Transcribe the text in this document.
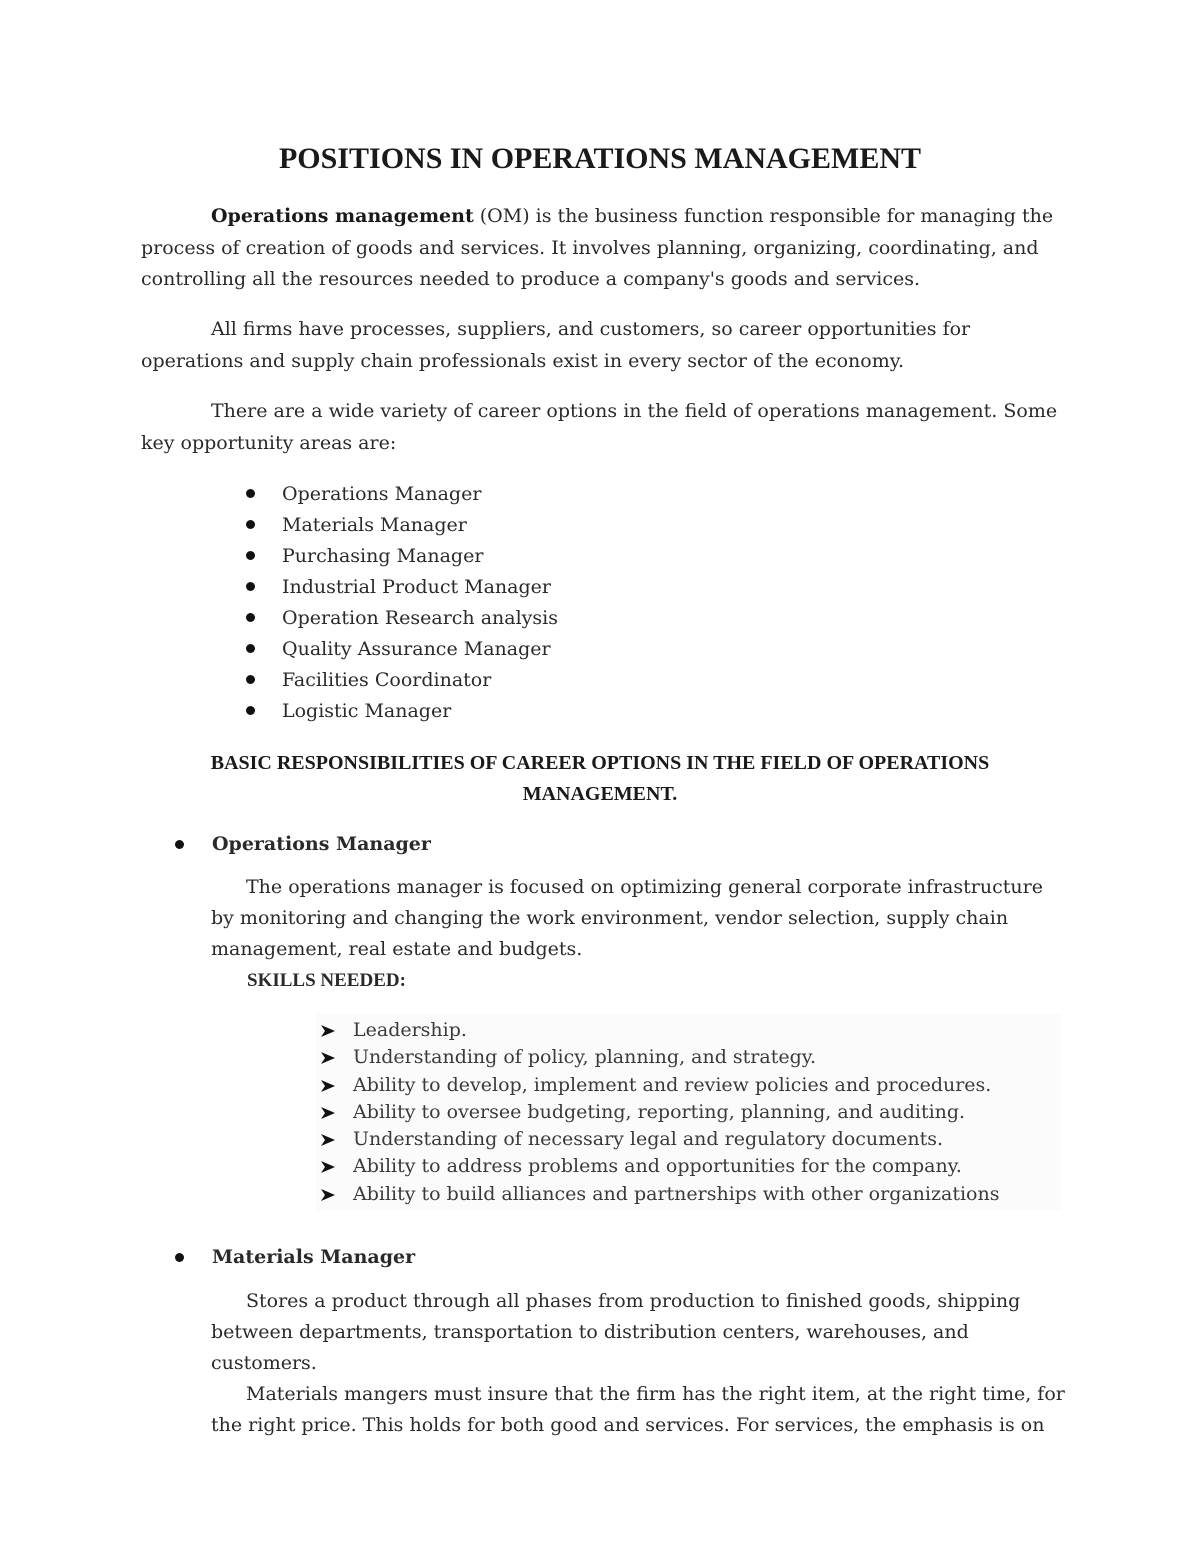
POSITIONS IN OPERATIONS MANAGEMENT

Operations management (OM) is the business function responsible for managing the process of creation of goods and services. It involves planning, organizing, coordinating, and controlling all the resources needed to produce a company's goods and services.

All firms have processes, suppliers, and customers, so career opportunities for operations and supply chain professionals exist in every sector of the economy.

There are a wide variety of career options in the field of operations management. Some key opportunity areas are:

Operations Manager
Materials Manager
Purchasing Manager
Industrial Product Manager
Operation Research analysis
Quality Assurance Manager
Facilities Coordinator
Logistic Manager
BASIC RESPONSIBILITIES OF CAREER OPTIONS IN THE FIELD OF OPERATIONS
MANAGEMENT.
Operations Manager

The operations manager is focused on optimizing general corporate infrastructure by monitoring and changing the work environment, vendor selection, supply chain management, real estate and budgets.

SKILLS NEEDED:
Leadership.
Understanding of policy, planning, and strategy.
Ability to develop, implement and review policies and procedures.
Ability to oversee budgeting, reporting, planning, and auditing.
Understanding of necessary legal and regulatory documents.
Ability to address problems and opportunities for the company.
Ability to build alliances and partnerships with other organizations
Materials Manager

Stores a product through all phases from production to finished goods, shipping between departments, transportation to distribution centers, warehouses, and customers.
Materials mangers must insure that the firm has the right item, at the right time, for the right price. This holds for both good and services. For services, the emphasis is on
